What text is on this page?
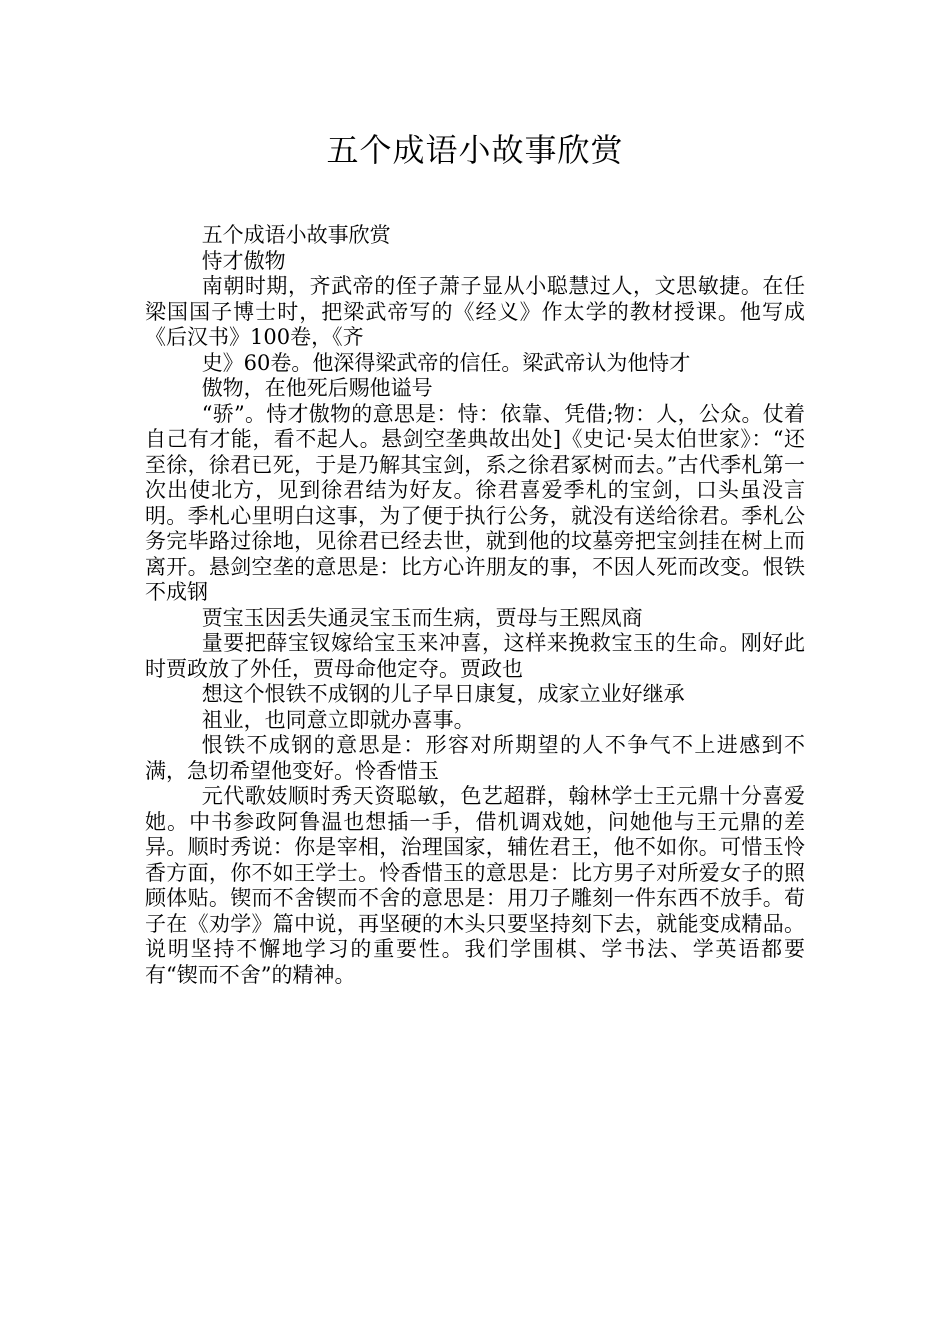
五个成语小故事欣赏

五个成语小故事欣赏

恃才傲物

南朝时期，齐武帝的侄子萧子显从小聪慧过人，文思敏捷。在任梁国国子博士时，把梁武帝写的《经义》作太学的教材授课。他写成《后汉书》100卷，《齐

史》60卷。他深得梁武帝的信任。梁武帝认为他恃才

傲物，在他死后赐他谥号

“骄”。恃才傲物的意思是：恃：依靠、凭借;物：人，公众。仗着自己有才能，看不起人。悬剑空垄典故出处]《史记·吴太伯世家》：“还至徐，徐君已死，于是乃解其宝剑，系之徐君冢树而去。”古代季札第一次出使北方，见到徐君结为好友。徐君喜爱季札的宝剑，口头虽没言明。季札心里明白这事，为了便于执行公务，就没有送给徐君。季札公务完毕路过徐地，见徐君已经去世，就到他的坟墓旁把宝剑挂在树上而离开。悬剑空垄的意思是：比方心许朋友的事，不因人死而改变。恨铁不成钢

贾宝玉因丢失通灵宝玉而生病，贾母与王熙凤商

量要把薛宝钗嫁给宝玉来冲喜，这样来挽救宝玉的生命。刚好此时贾政放了外任，贾母命他定夺。贾政也

想这个恨铁不成钢的儿子早日康复，成家立业好继承

祖业，也同意立即就办喜事。

恨铁不成钢的意思是：形容对所期望的人不争气不上进感到不满，急切希望他变好。怜香惜玉

元代歌妓顺时秀天资聪敏，色艺超群，翰林学士王元鼎十分喜爱她。中书参政阿鲁温也想插一手，借机调戏她，问她他与王元鼎的差异。顺时秀说：你是宰相，治理国家，辅佐君王，他不如你。可惜玉怜香方面，你不如王学士。怜香惜玉的意思是：比方男子对所爱女子的照顾体贴。锲而不舍锲而不舍的意思是：用刀子雕刻一件东西不放手。荀子在《劝学》篇中说，再坚硬的木头只要坚持刻下去，就能变成精品。说明坚持不懈地学习的重要性。我们学围棋、学书法、学英语都要有“锲而不舍”的精神。
